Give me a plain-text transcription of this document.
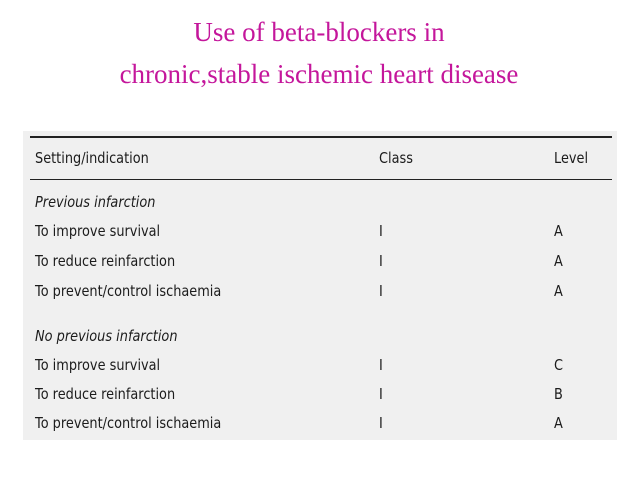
Use of beta-blockers in
chronic,stable ischemic heart disease
Setting/indication	Class	Level
Previous infarction
To improve survival	I	A
To reduce reinfarction	I	A
To prevent/control ischaemia	I	A
No previous infarction
To improve survival	I	C
To reduce reinfarction	I	B
To prevent/control ischaemia	I	A
